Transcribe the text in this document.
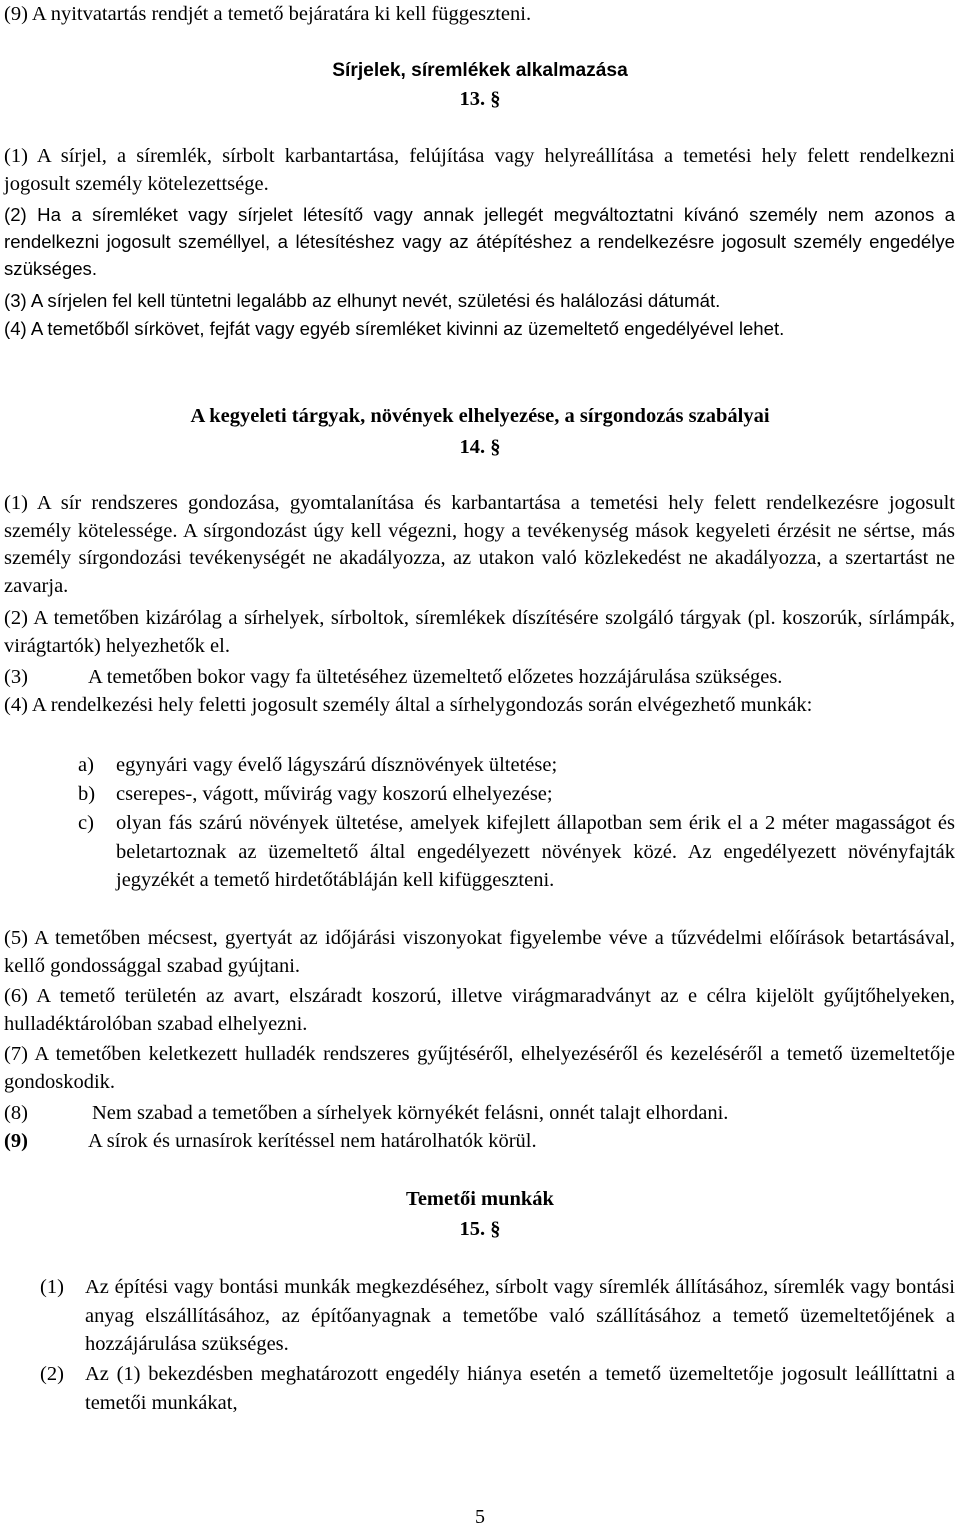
(9) A nyitvatartás rendjét a temető bejáratára ki kell függeszteni.

Sírjelek, síremlékek alkalmazása
13. §

(1) A sírjel, a síremlék, sírbolt karbantartása, felújítása vagy helyreállítása a temetési hely felett rendelkezni jogosult személy kötelezettsége.

(2) Ha a síremléket vagy sírjelet létesítő vagy annak jellegét megváltoztatni kívánó személy nem azonos a rendelkezni jogosult személlyel, a létesítéshez vagy az átépítéshez a rendelkezésre jogosult személy engedélye szükséges.

(3) A sírjelen fel kell tüntetni legalább az elhunyt nevét, születési és halálozási dátumát.

(4) A temetőből sírkövet, fejfát vagy egyéb síremléket kivinni az üzemeltető engedélyével lehet.

A kegyeleti tárgyak, növények elhelyezése, a sírgondozás szabályai
14. §

(1) A sír rendszeres gondozása, gyomtalanítása és karbantartása a temetési hely felett rendelkezésre jogosult személy kötelessége. A sírgondozást úgy kell végezni, hogy a tevékenység mások kegyeleti érzésit ne sértse, más személy sírgondozási tevékenységét ne akadályozza, az utakon való közlekedést ne akadályozza, a szertartást ne zavarja.

(2) A temetőben kizárólag a sírhelyek, sírboltok, síremlékek díszítésére szolgáló tárgyak (pl. koszorúk, sírlámpák, virágtartók) helyezhetők el.

(3)	A temetőben bokor vagy fa ültetéséhez üzemeltető előzetes hozzájárulása szükséges.

(4) A rendelkezési hely feletti jogosult személy által a sírhelygondozás során elvégezhető munkák:

a) egynyári vagy évelő lágyszárú dísznövények ültetése;
b) cserepes-, vágott, művirág vagy koszorú elhelyezése;
c) olyan fás szárú növények ültetése, amelyek kifejlett állapotban sem érik el a 2 méter magasságot és beletartoznak az üzemeltető által engedélyezett növények közé. Az engedélyezett növényfajták jegyzékét a temető hirdetőtábláján kell kifüggeszteni.

(5) A temetőben mécsest, gyertyát az időjárási viszonyokat figyelembe véve a tűzvédelmi előírások betartásával, kellő gondossággal szabad gyújtani.

(6) A temető területén az avart, elszáradt koszorú, illetve virágmaradványt az e célra kijelölt gyűjtőhelyeken, hulladéktárolóban szabad elhelyezni.

(7) A temetőben keletkezett hulladék rendszeres gyűjtéséről, elhelyezéséről és kezeléséről a temető üzemeltetője gondoskodik.

(8)	Nem szabad a temetőben a sírhelyek környékét felásni, onnét talajt elhordani.
(9)	A sírok és urnasírok kerítéssel nem határolhatók körül.
Temetői munkák
15. §
(1) Az építési vagy bontási munkák megkezdéséhez, sírbolt vagy síremlék állításához, síremlék vagy bontási anyag elszállításához, az építőanyagnak a temetőbe való szállításához a temető üzemeltetőjének a hozzájárulása szükséges.
(2) Az (1) bekezdésben meghatározott engedély hiánya esetén a temető üzemeltetője jogosult leállíttatni a temetői munkákat,
5
